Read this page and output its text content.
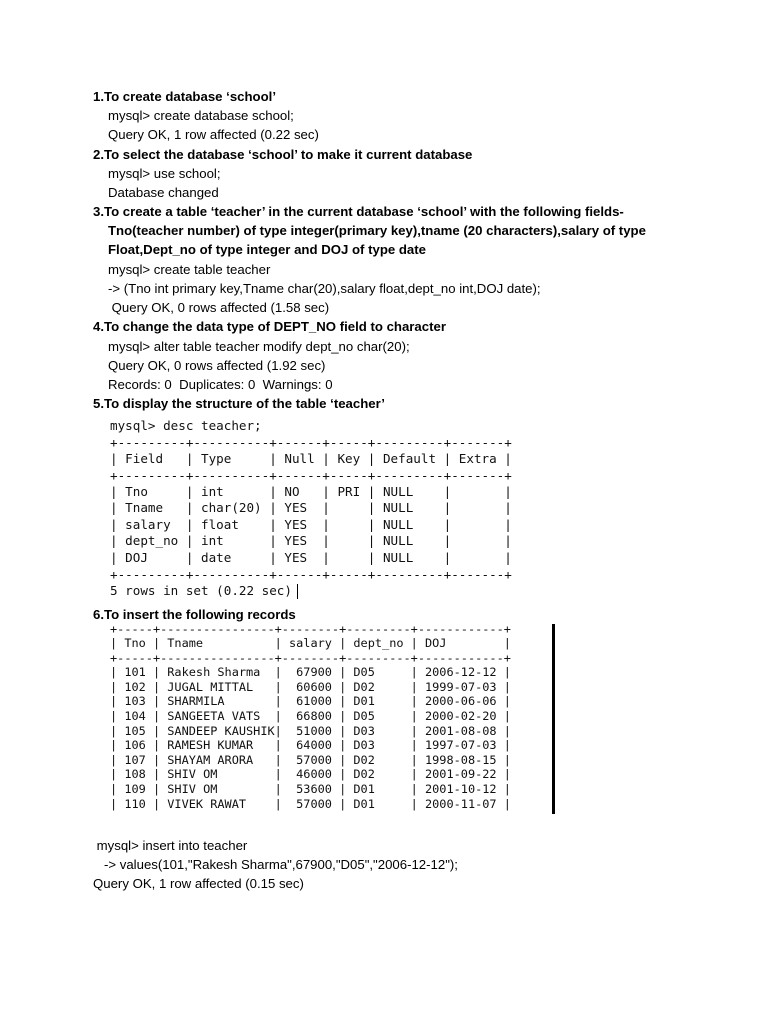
1.To create database ‘school’
mysql> create database school;
Query OK, 1 row affected (0.22 sec)
2.To select the database ‘school’ to make it current database
mysql> use school;
Database changed
3.To create a table ‘teacher’ in the current database ‘school’ with the following fields-
Tno(teacher number) of type integer(primary key),tname (20 characters),salary of type
Float,Dept_no of type integer and DOJ of type date
mysql> create table teacher
-> (Tno int primary key,Tname char(20),salary float,dept_no int,DOJ date);
Query OK, 0 rows affected (1.58 sec)
4.To change the data type of DEPT_NO field to character
mysql> alter table teacher modify dept_no char(20);
Query OK, 0 rows affected (1.92 sec)
Records: 0  Duplicates: 0  Warnings: 0
5.To display the structure of the table ‘teacher’
mysql> desc teacher;
+---------+----------+------+-----+---------+-------+
| Field   | Type     | Null | Key | Default | Extra |
+---------+----------+------+-----+---------+-------+
| Tno     | int      | NO   | PRI | NULL    |       |
| Tname   | char(20) | YES  |     | NULL    |       |
| salary  | float    | YES  |     | NULL    |       |
| dept_no | int      | YES  |     | NULL    |       |
| DOJ     | date     | YES  |     | NULL    |       |
+---------+----------+------+-----+---------+-------+
5 rows in set (0.22 sec)
6.To insert the following records
+-----+----------------+--------+---------+------------+
| Tno | Tname          | salary | dept_no | DOJ        |
+-----+----------------+--------+---------+------------+
| 101 | Rakesh Sharma  |  67900 | D05     | 2006-12-12 |
| 102 | JUGAL MITTAL   |  60600 | D02     | 1999-07-03 |
| 103 | SHARMILA       |  61000 | D01     | 2000-06-06 |
| 104 | SANGEETA VATS  |  66800 | D05     | 2000-02-20 |
| 105 | SANDEEP KAUSHIK|  51000 | D03     | 2001-08-08 |
| 106 | RAMESH KUMAR   |  64000 | D03     | 1997-07-03 |
| 107 | SHAYAM ARORA   |  57000 | D02     | 1998-08-15 |
| 108 | SHIV OM        |  46000 | D02     | 2001-09-22 |
| 109 | SHIV OM        |  53600 | D01     | 2001-10-12 |
| 110 | VIVEK RAWAT    |  57000 | D01     | 2000-11-07 |
mysql> insert into teacher
-> values(101,"Rakesh Sharma",67900,"D05","2006-12-12");
Query OK, 1 row affected (0.15 sec)
